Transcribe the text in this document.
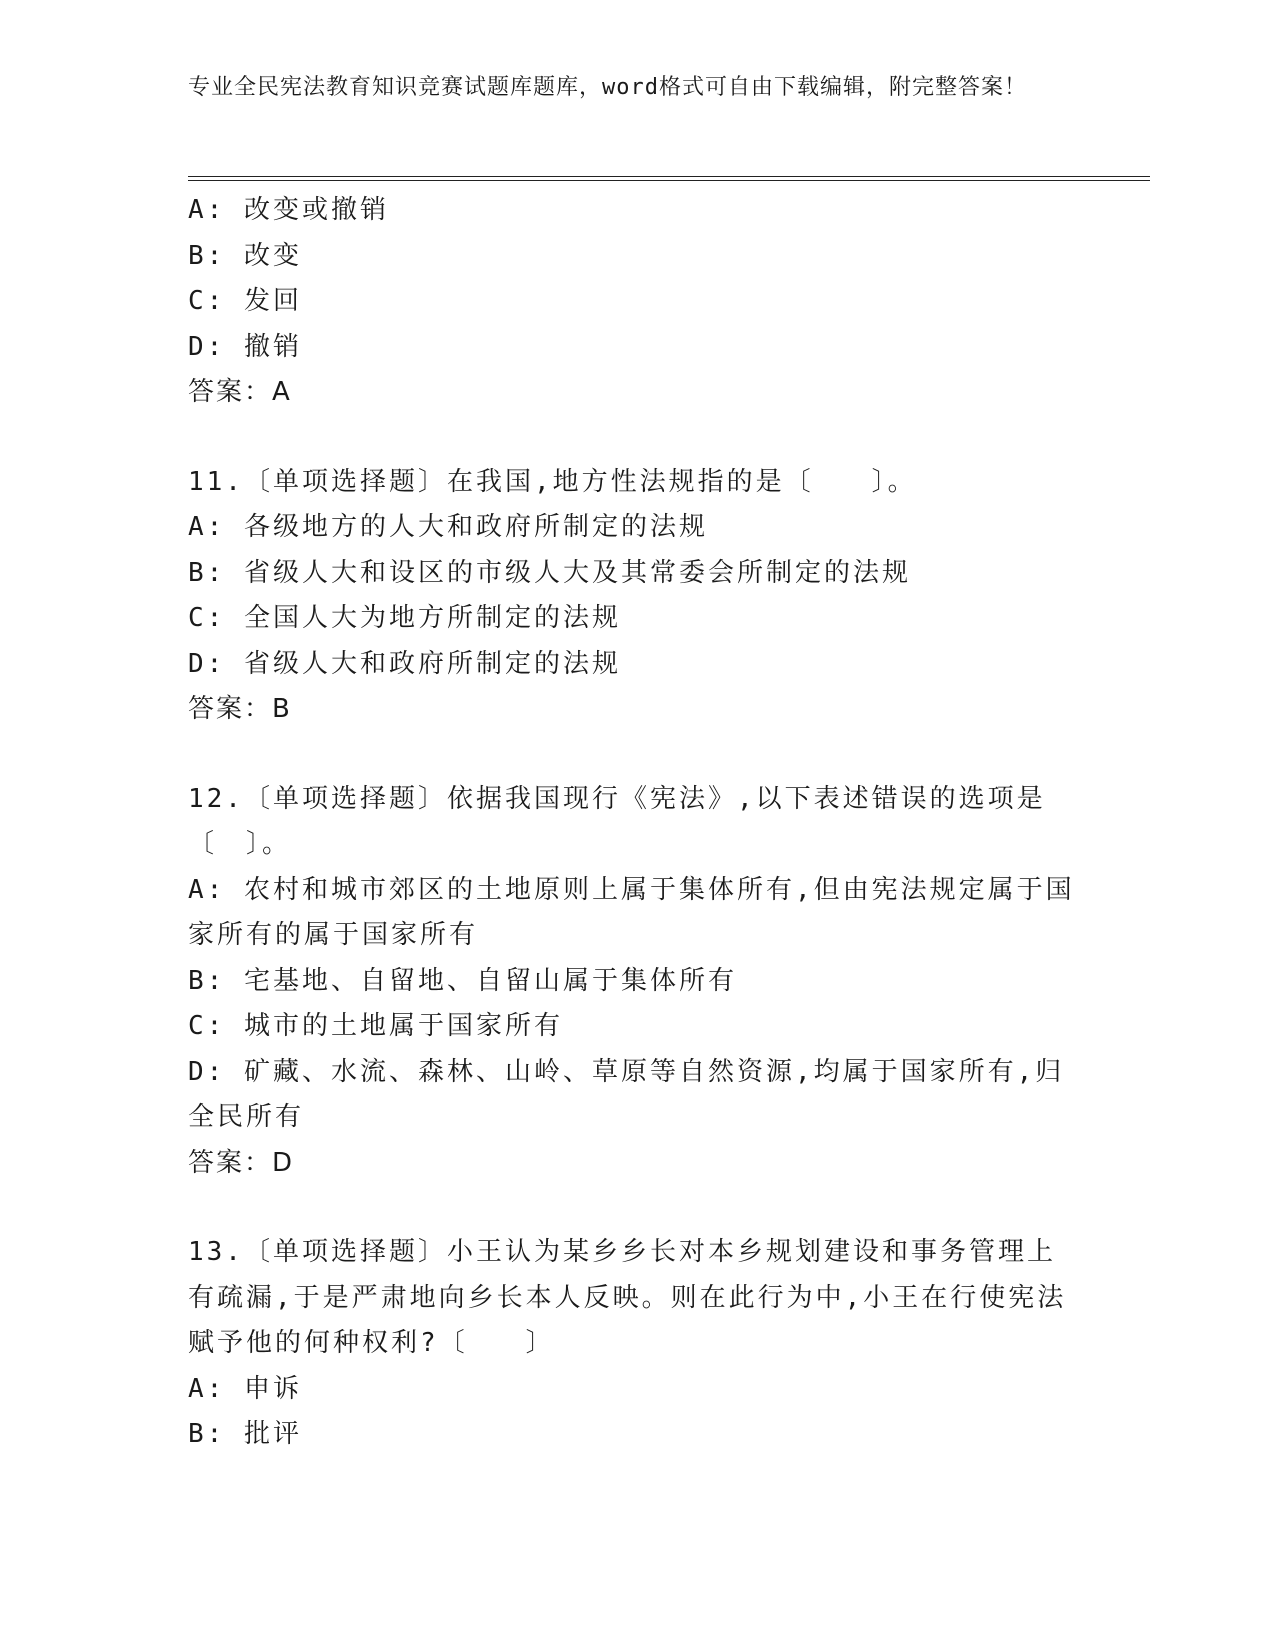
专业全民宪法教育知识竞赛试题库题库，word格式可自由下载编辑，附完整答案！

A: 改变或撤销

B: 改变

C: 发回

D: 撤销

答案：A

11.〔单项选择题〕在我国,地方性法规指的是〔　　〕。

A: 各级地方的人大和政府所制定的法规

B: 省级人大和设区的市级人大及其常委会所制定的法规

C: 全国人大为地方所制定的法规

D: 省级人大和政府所制定的法规

答案：B

12.〔单项选择题〕依据我国现行《宪法》,以下表述错误的选项是〔　〕。

A: 农村和城市郊区的土地原则上属于集体所有,但由宪法规定属于国家所有的属于国家所有

B: 宅基地、自留地、自留山属于集体所有

C: 城市的土地属于国家所有

D: 矿藏、水流、森林、山岭、草原等自然资源,均属于国家所有,归全民所有

答案：D

13.〔单项选择题〕小王认为某乡乡长对本乡规划建设和事务管理上有疏漏,于是严肃地向乡长本人反映。则在此行为中,小王在行使宪法赋予他的何种权利?〔　　〕

A: 申诉

B: 批评
